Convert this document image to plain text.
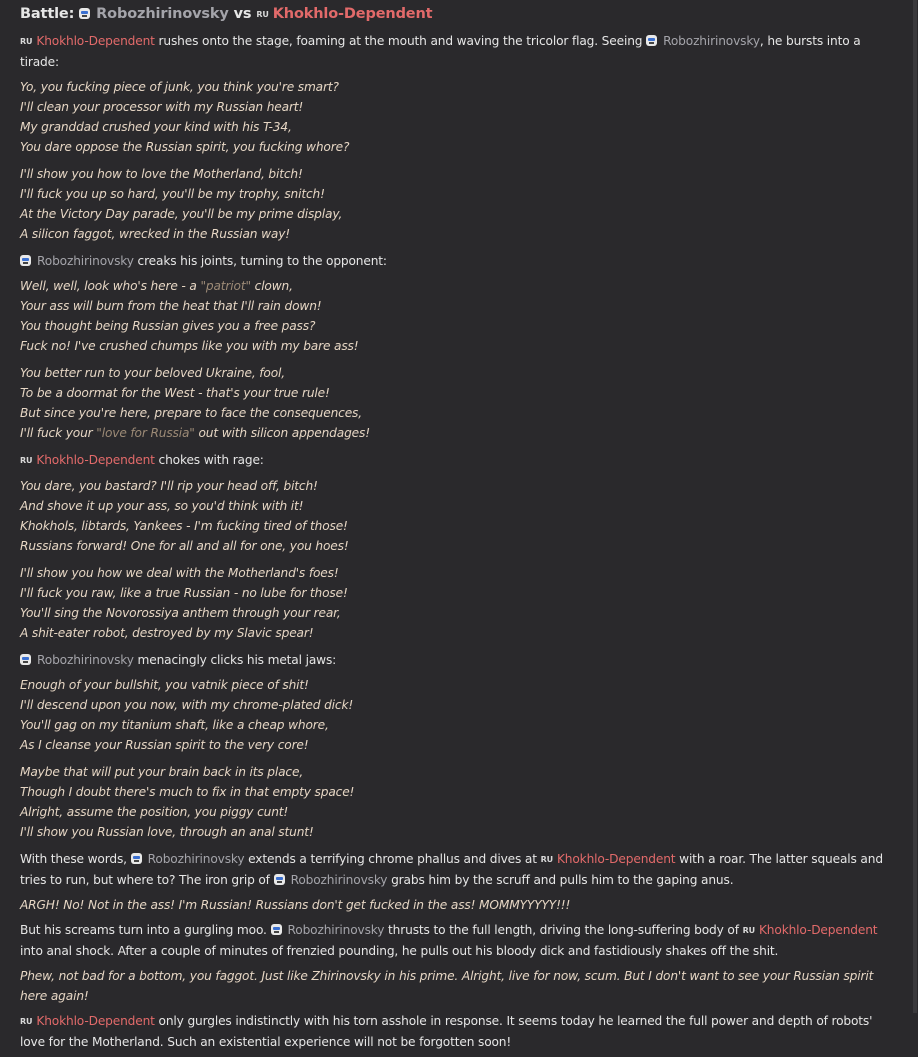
Battle: Robozhirinovsky vs RU Khokhlo-Dependent
RU Khokhlo-Dependent rushes onto the stage, foaming at the mouth and waving the tricolor flag. Seeing Robozhirinovsky, he bursts into a tirade:
Yo, you fucking piece of junk, you think you're smart?
I'll clean your processor with my Russian heart!
My granddad crushed your kind with his T-34,
You dare oppose the Russian spirit, you fucking whore?
I'll show you how to love the Motherland, bitch!
I'll fuck you up so hard, you'll be my trophy, snitch!
At the Victory Day parade, you'll be my prime display,
A silicon faggot, wrecked in the Russian way!
Robozhirinovsky creaks his joints, turning to the opponent:
Well, well, look who's here - a "patriot" clown,
Your ass will burn from the heat that I'll rain down!
You thought being Russian gives you a free pass?
Fuck no! I've crushed chumps like you with my bare ass!
You better run to your beloved Ukraine, fool,
To be a doormat for the West - that's your true rule!
But since you're here, prepare to face the consequences,
I'll fuck your "love for Russia" out with silicon appendages!
RU Khokhlo-Dependent chokes with rage:
You dare, you bastard? I'll rip your head off, bitch!
And shove it up your ass, so you'd think with it!
Khokhols, libtards, Yankees - I'm fucking tired of those!
Russians forward! One for all and all for one, you hoes!
I'll show you how we deal with the Motherland's foes!
I'll fuck you raw, like a true Russian - no lube for those!
You'll sing the Novorossiya anthem through your rear,
A shit-eater robot, destroyed by my Slavic spear!
Robozhirinovsky menacingly clicks his metal jaws:
Enough of your bullshit, you vatnik piece of shit!
I'll descend upon you now, with my chrome-plated dick!
You'll gag on my titanium shaft, like a cheap whore,
As I cleanse your Russian spirit to the very core!
Maybe that will put your brain back in its place,
Though I doubt there's much to fix in that empty space!
Alright, assume the position, you piggy cunt!
I'll show you Russian love, through an anal stunt!
With these words, Robozhirinovsky extends a terrifying chrome phallus and dives at RU Khokhlo-Dependent with a roar. The latter squeals and tries to run, but where to? The iron grip of Robozhirinovsky grabs him by the scruff and pulls him to the gaping anus.
ARGH! No! Not in the ass! I'm Russian! Russians don't get fucked in the ass! MOMMYYYYY!!!
But his screams turn into a gurgling moo. Robozhirinovsky thrusts to the full length, driving the long-suffering body of RU Khokhlo-Dependent into anal shock. After a couple of minutes of frenzied pounding, he pulls out his bloody dick and fastidiously shakes off the shit.
Phew, not bad for a bottom, you faggot. Just like Zhirinovsky in his prime. Alright, live for now, scum. But I don't want to see your Russian spirit here again!
RU Khokhlo-Dependent only gurgles indistinctly with his torn asshole in response. It seems today he learned the full power and depth of robots' love for the Motherland. Such an existential experience will not be forgotten soon!
